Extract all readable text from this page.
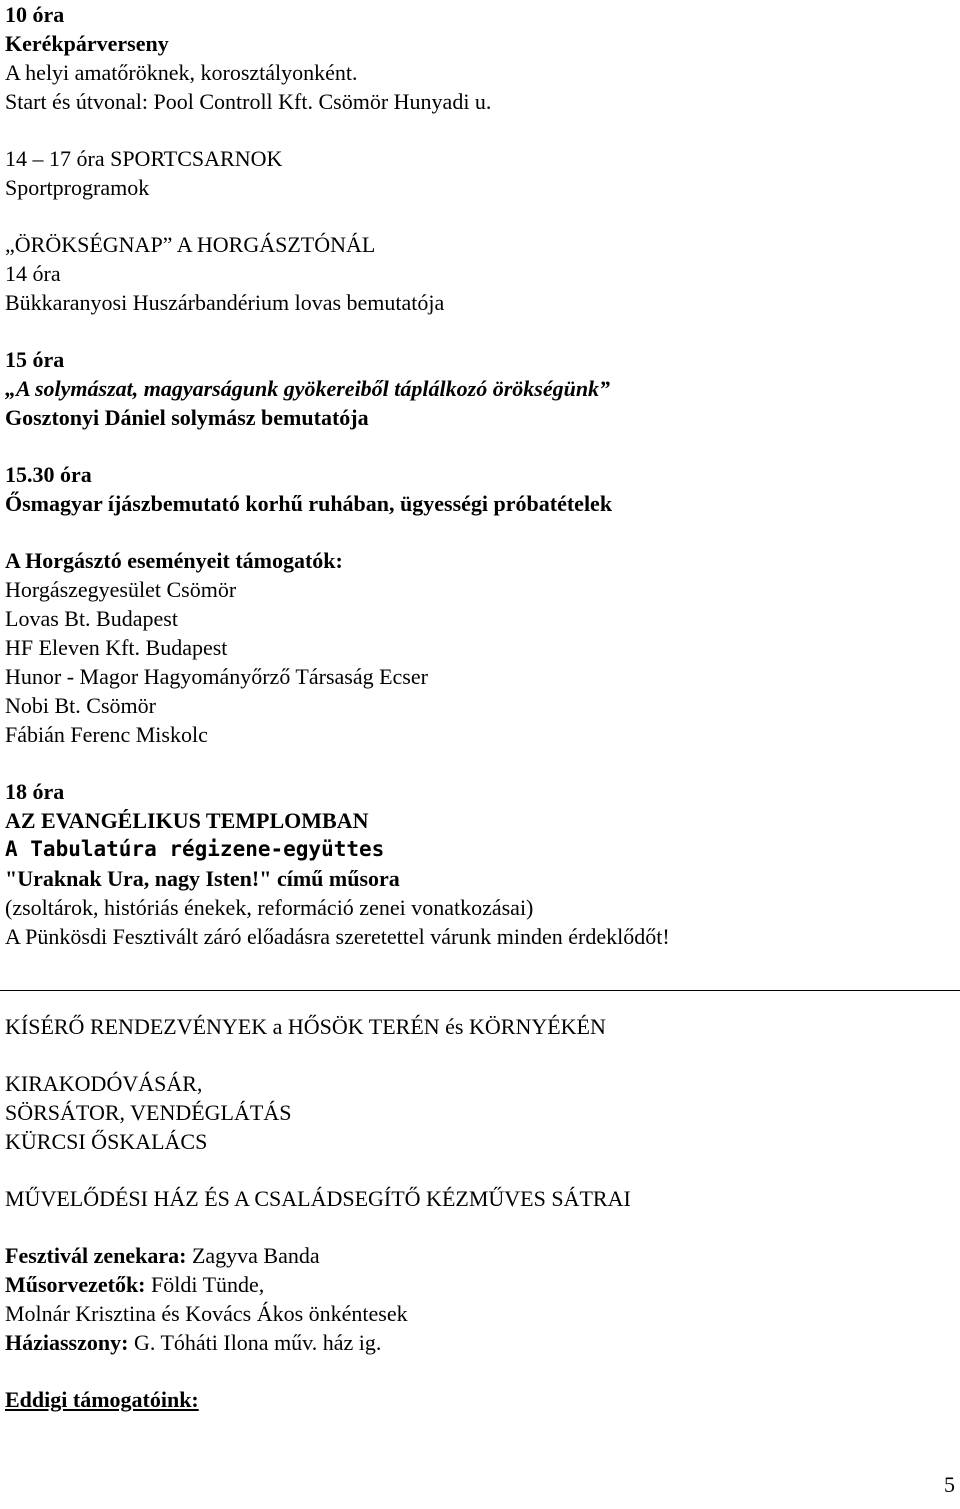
10 óra
Kerékpárverseny
A helyi amatőröknek, korosztályonként.
Start és útvonal: Pool Controll Kft. Csömör Hunyadi u.
14 – 17 óra SPORTCSARNOK
Sportprogramok
„ÖRÖKSÉGNAP” A HORGÁSZTÓNÁL
14 óra
Bükkaranyosi Huszárbandérium lovas bemutatója
15 óra
„A solymászat, magyarságunk gyökereiből táplálkozó örökségünk”
Gosztonyi Dániel solymász bemutatója
15.30 óra
Ősmagyar íjászbemutató korhű ruhában, ügyességi próbatételek
A Horgásztó eseményeit támogatók:
Horgászegyesület Csömör
Lovas Bt. Budapest
HF Eleven Kft. Budapest
Hunor - Magor Hagyományőrző Társaság Ecser
Nobi Bt. Csömör
Fábián Ferenc Miskolc
18 óra
AZ EVANGÉLIKUS TEMPLOMBAN
A Tabulatúra régizene-együttes
"Uraknak Ura, nagy Isten!" című műsora
(zsoltárok, históriás énekek, reformáció zenei vonatkozásai)
A Pünkösdi Fesztivált záró előadásra szeretettel várunk minden érdeklődőt!
KÍSÉRŐ RENDEZVÉNYEK a HŐSÖK TERÉN és KÖRNYÉKÉN
KIRAKODÓVÁSÁR,
SÖRSÁTOR, VENDÉGLÁTÁS
KÜRCSI ŐSKALÁCS
MŰVELŐDÉSI HÁZ ÉS A CSALÁDSEGÍTŐ KÉZMŰVES SÁTRAI
Fesztivál zenekara: Zagyva Banda
Műsorvezetők: Földi Tünde,
Molnár Krisztina és Kovács Ákos önkéntesek
Háziasszony: G. Tóháti Ilona műv. ház ig.
Eddigi támogatóink:
5
